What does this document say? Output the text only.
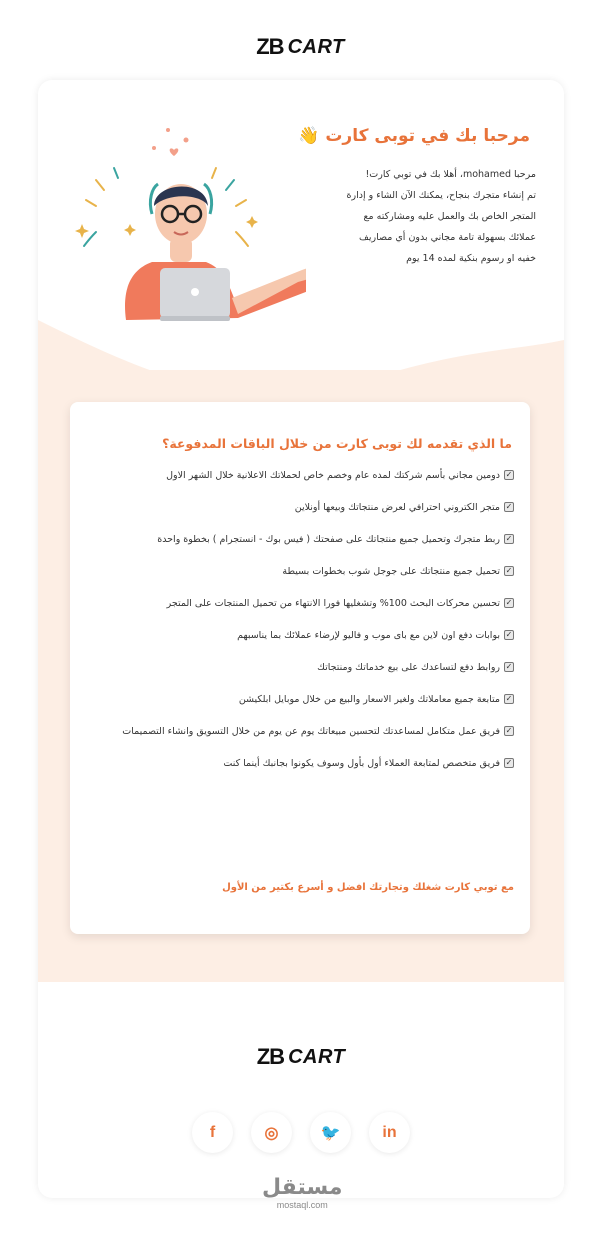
ZB CART
مرحبا بك في توبى كارت 👋
مرحبا mohamed، أهلا بك في توبي كارت!
تم إنشاء متجرك بنجاح، يمكنك الآن الشاء و إدارة
المتجر الخاص بك والعمل عليه ومشاركته مع
عملائك بسهولة تامة مجاني بدون أي مصاريف
خفيه او رسوم بنكية لمده 14 يوم
ما الذي تقدمه لك توبى كارت من خلال الباقات المدفوعة؟
✓
دومين مجاني بأسم شركتك لمده عام وخصم خاص لحملاتك الاعلانية خلال الشهر الاول
✓
متجر الكتروني احترافي لعرض منتجاتك وبيعها أونلاين
✓
ربط متجرك وتحميل جميع منتجاتك على صفحتك ( فيس بوك - انستجرام ) بخطوة واحدة
✓
تحميل جميع منتجاتك على جوجل شوب بخطوات بسيطة
✓
تحسين محركات البحث 100% وتشغليها فورا الانتهاء من تحميل المنتجات على المتجر
✓
بوابات دفع اون لاين مع باى موب و فاليو لإرضاء عملائك بما يناسبهم
✓
روابط دفع لتساعدك على بيع خدماتك ومنتجاتك
✓
متابعة جميع معاملاتك ولغير الاسعار والبيع من خلال موبايل ابلكيشن
✓
فريق عمل متكامل لمساعدتك لتحسين مبيعاتك يوم عن يوم من خلال التسويق وانشاء التصميمات
✓
فريق متخصص لمتابعة العملاء أول بأول وسوف يكونوا بجانبك أينما كنت
مع توبي كارت شغلك وتجارتك افضل و أسرع بكتير من الأول
ZB CART
f	◎	🐦	in
مستقل
mostaql.com
